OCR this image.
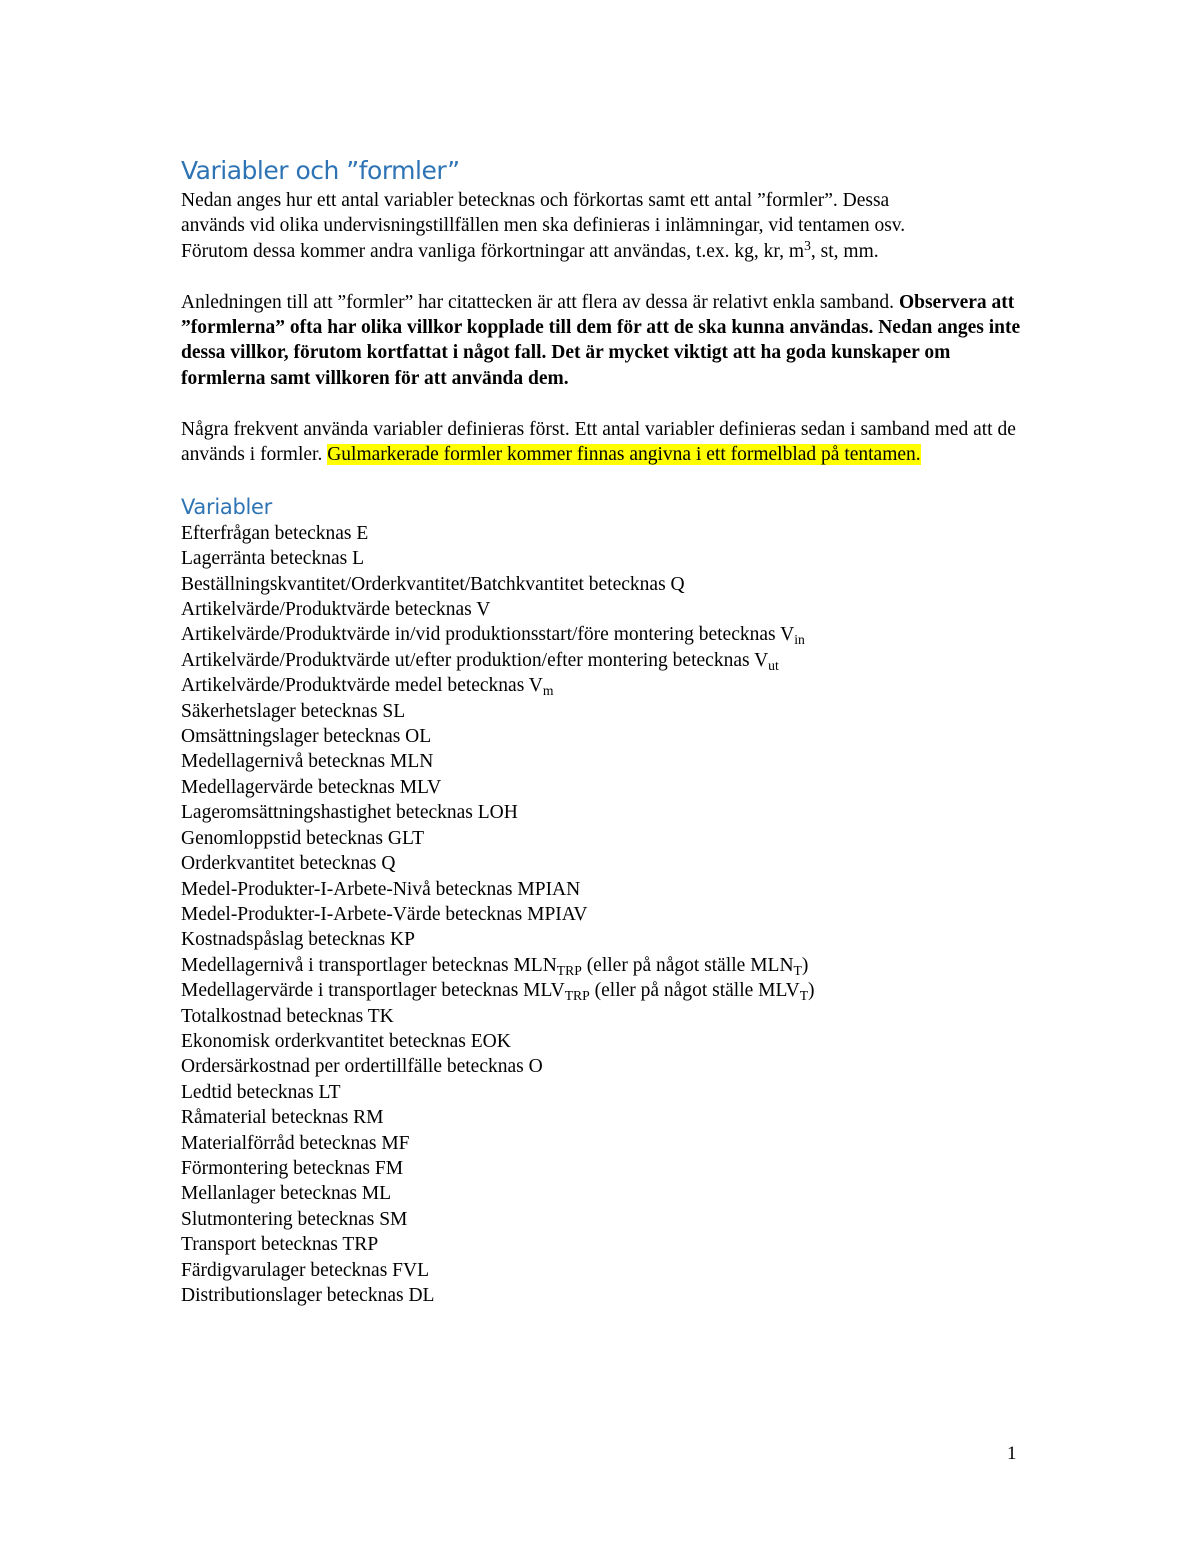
Variabler och ”formler”

Nedan anges hur ett antal variabler betecknas och förkortas samt ett antal ”formler”. Dessa
används vid olika undervisningstillfällen men ska definieras i inlämningar, vid tentamen osv.
Förutom dessa kommer andra vanliga förkortningar att användas, t.ex. kg, kr, $m^3$, st, mm.

Anledningen till att ”formler” har citattecken är att flera av dessa är relativt enkla samband. Observera att ”formlerna” ofta har olika villkor kopplade till dem för att de ska kunna användas. Nedan anges inte dessa villkor, förutom kortfattat i något fall. Det är mycket viktigt att ha goda kunskaper om formlerna samt villkoren för att använda dem.

Några frekvent använda variabler definieras först. Ett antal variabler definieras sedan i samband med att de används i formler. Gulmarkerade formler kommer finnas angivna i ett formelblad på tentamen.

Variabler
Efterfrågan betecknas E
Lagerränta betecknas L
Beställningskvantitet/Orderkvantitet/Batchkvantitet betecknas Q
Artikelvärde/Produktvärde betecknas V
Artikelvärde/Produktvärde in/vid produktionsstart/före montering betecknas $V_{in}$
Artikelvärde/Produktvärde ut/efter produktion/efter montering betecknas $V_{ut}$
Artikelvärde/Produktvärde medel betecknas $V_m$
Säkerhetslager betecknas SL
Omsättningslager betecknas OL
Medellagernivå betecknas MLN
Medellagervärde betecknas MLV
Lageromsättningshastighet betecknas LOH
Genomloppstid betecknas GLT
Orderkvantitet betecknas Q
Medel-Produkter-I-Arbete-Nivå betecknas MPIAN
Medel-Produkter-I-Arbete-Värde betecknas MPIAV
Kostnadspåslag betecknas KP
Medellagernivå i transportlager betecknas $MLN_{TRP}$ (eller på något ställe $MLN_T$)
Medellagervärde i transportlager betecknas $MLV_{TRP}$ (eller på något ställe $MLV_T$)
Totalkostnad betecknas TK
Ekonomisk orderkvantitet betecknas EOK
Ordersärkostnad per ordertillfälle betecknas O
Ledtid betecknas LT
Råmaterial betecknas RM
Materialförråd betecknas MF
Förmontering betecknas FM
Mellanlager betecknas ML
Slutmontering betecknas SM
Transport betecknas TRP
Färdigvarulager betecknas FVL
Distributionslager betecknas DL
1
